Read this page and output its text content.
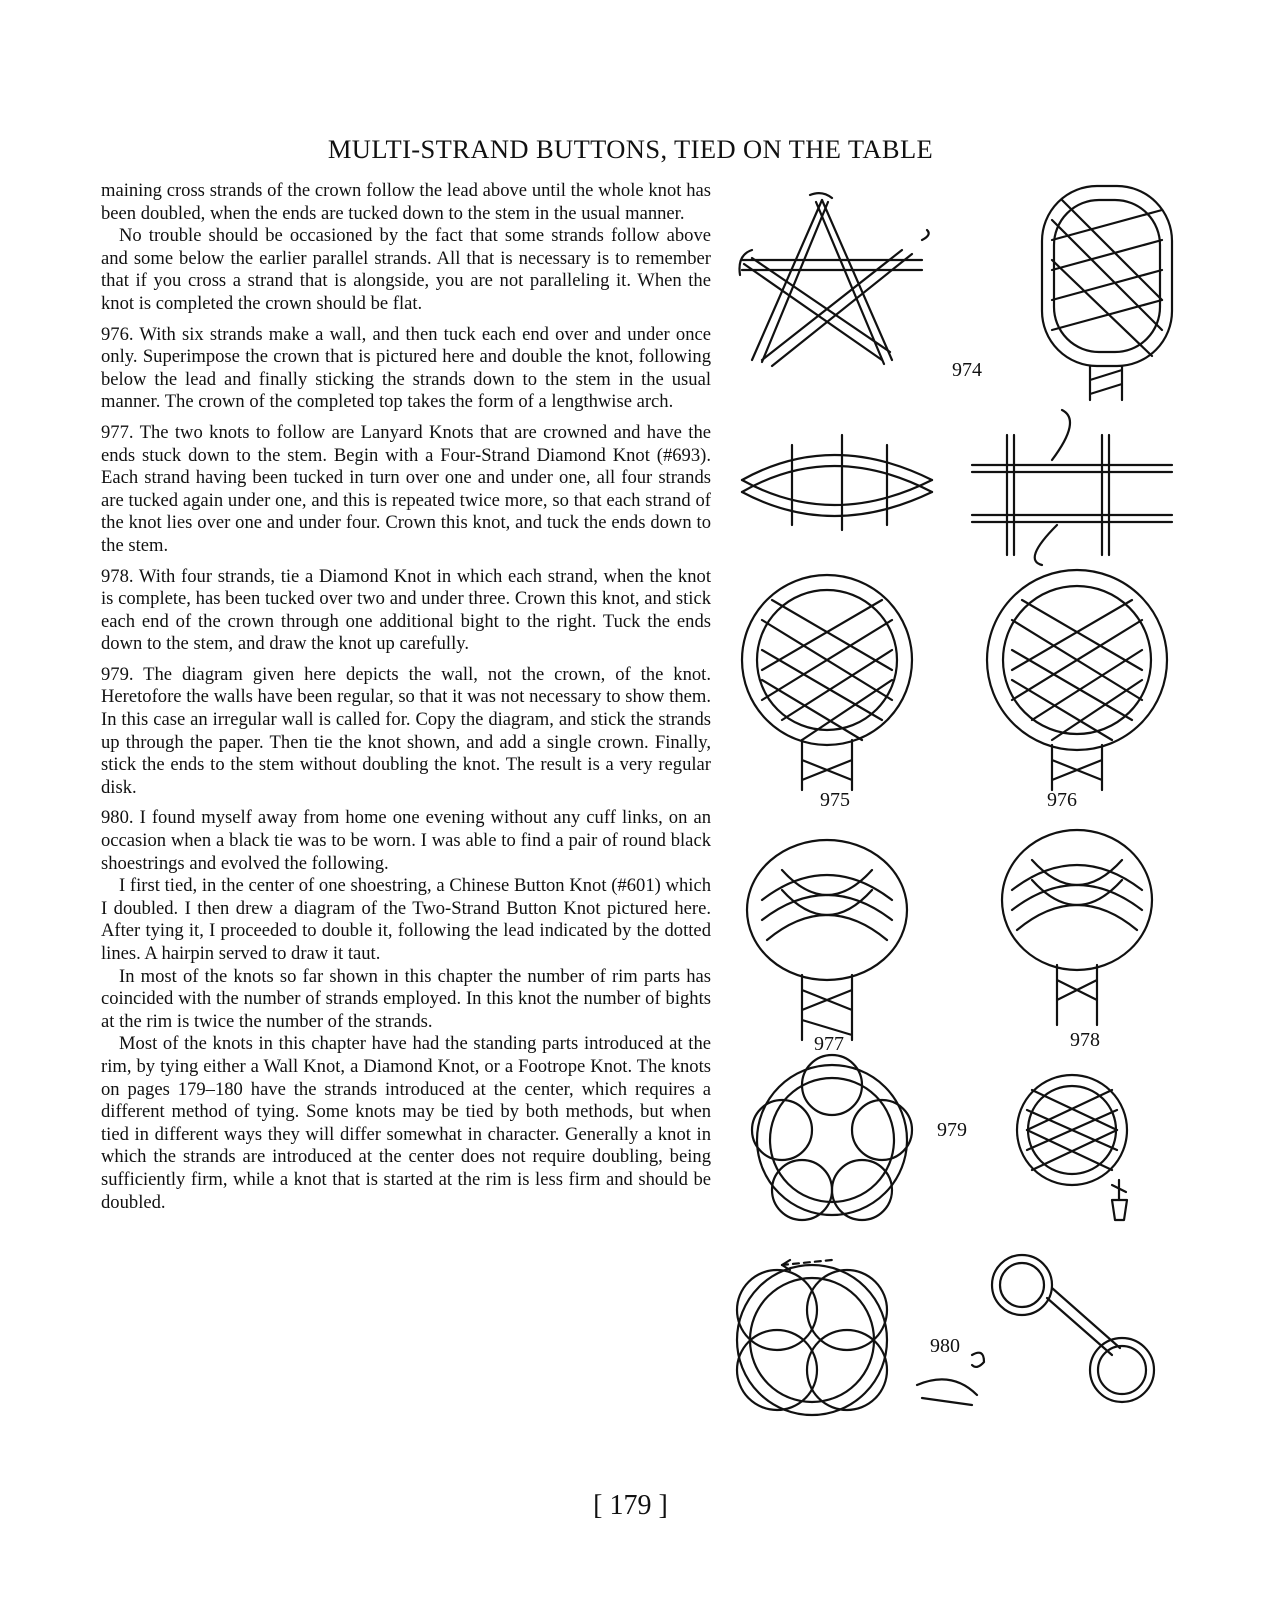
MULTI-STRAND BUTTONS, TIED ON THE TABLE

maining cross strands of the crown follow the lead above until the whole knot has been doubled, when the ends are tucked down to the stem in the usual manner.

No trouble should be occasioned by the fact that some strands follow above and some below the earlier parallel strands. All that is necessary is to remember that if you cross a strand that is alongside, you are not paralleling it. When the knot is completed the crown should be flat.

976. With six strands make a wall, and then tuck each end over and under once only. Superimpose the crown that is pictured here and double the knot, following below the lead and finally sticking the strands down to the stem in the usual manner. The crown of the completed top takes the form of a lengthwise arch.

977. The two knots to follow are Lanyard Knots that are crowned and have the ends stuck down to the stem. Begin with a Four-Strand Diamond Knot (#693). Each strand having been tucked in turn over one and under one, all four strands are tucked again under one, and this is repeated twice more, so that each strand of the knot lies over one and under four. Crown this knot, and tuck the ends down to the stem.

978. With four strands, tie a Diamond Knot in which each strand, when the knot is complete, has been tucked over two and under three. Crown this knot, and stick each end of the crown through one additional bight to the right. Tuck the ends down to the stem, and draw the knot up carefully.

979. The diagram given here depicts the wall, not the crown, of the knot. Heretofore the walls have been regular, so that it was not necessary to show them. In this case an irregular wall is called for. Copy the diagram, and stick the strands up through the paper. Then tie the knot shown, and add a single crown. Finally, stick the ends to the stem without doubling the knot. The result is a very regular disk.

980. I found myself away from home one evening without any cuff links, on an occasion when a black tie was to be worn. I was able to find a pair of round black shoestrings and evolved the following.

I first tied, in the center of one shoestring, a Chinese Button Knot (#601) which I doubled. I then drew a diagram of the Two-Strand Button Knot pictured here. After tying it, I proceeded to double it, following the lead indicated by the dotted lines. A hairpin served to draw it taut.

In most of the knots so far shown in this chapter the number of rim parts has coincided with the number of strands employed. In this knot the number of bights at the rim is twice the number of the strands.

Most of the knots in this chapter have had the standing parts introduced at the rim, by tying either a Wall Knot, a Diamond Knot, or a Footrope Knot. The knots on pages 179–180 have the strands introduced at the center, which requires a different method of tying. Some knots may be tied by both methods, but when tied in different ways they will differ somewhat in character. Generally a knot in which the strands are introduced at the center does not require doubling, being sufficiently firm, while a knot that is started at the rim is less firm and should be doubled.

974
975	976
977	978
979
980
[ 179 ]
